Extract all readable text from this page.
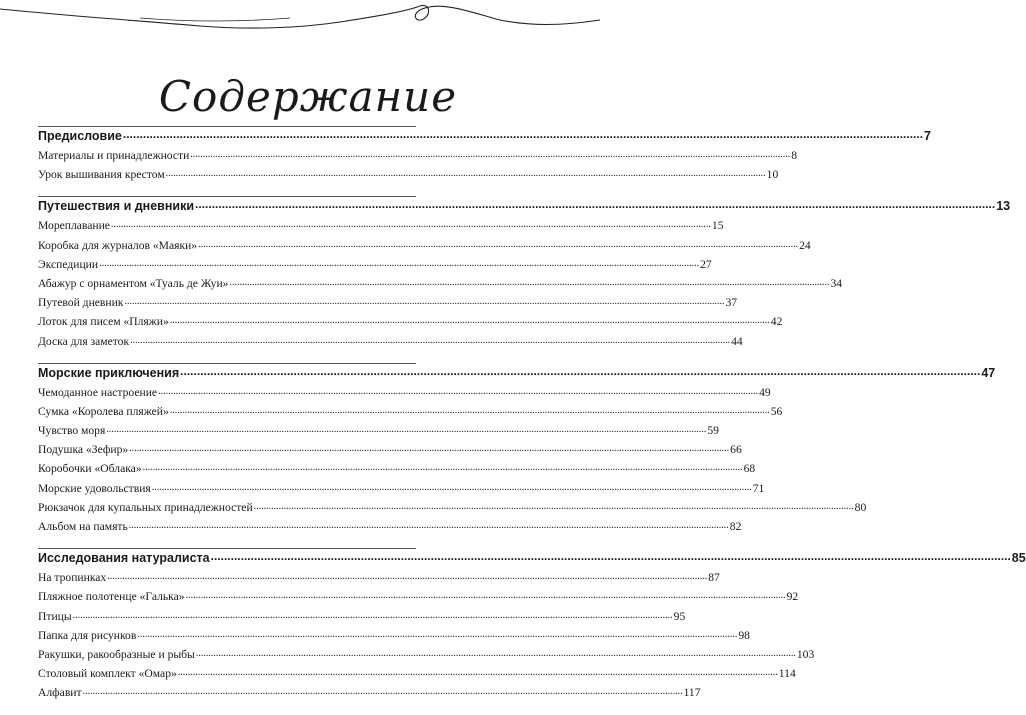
Содержание
Предисловие .....	7
Материалы и принадлежности .....	8
Урок вышивания крестом .....	10
Путешествия и дневники .....	13
Мореплавание .....	15
Коробка для журналов «Маяки» .....	24
Экспедиции .....	27
Абажур с орнаментом «Туаль де Жуи» .....	34
Путевой дневник .....	37
Лоток для писем «Пляжи» .....	42
Доска для заметок .....	44
Морские приключения .....	47
Чемоданное настроение .....	49
Сумка «Королева пляжей» .....	56
Чувство моря .....	59
Подушка «Зефир» .....	66
Коробочки «Облака» .....	68
Морские удовольствия .....	71
Рюкзачок для купальных принадлежностей .....	80
Альбом на память .....	82
Исследования натуралиста .....	85
На тропинках .....	87
Пляжное полотенце «Галька» .....	92
Птицы .....	95
Папка для рисунков .....	98
Ракушки, ракообразные и рыбы .....	103
Столовый комплект «Омар» .....	114
Алфавит .....	117
